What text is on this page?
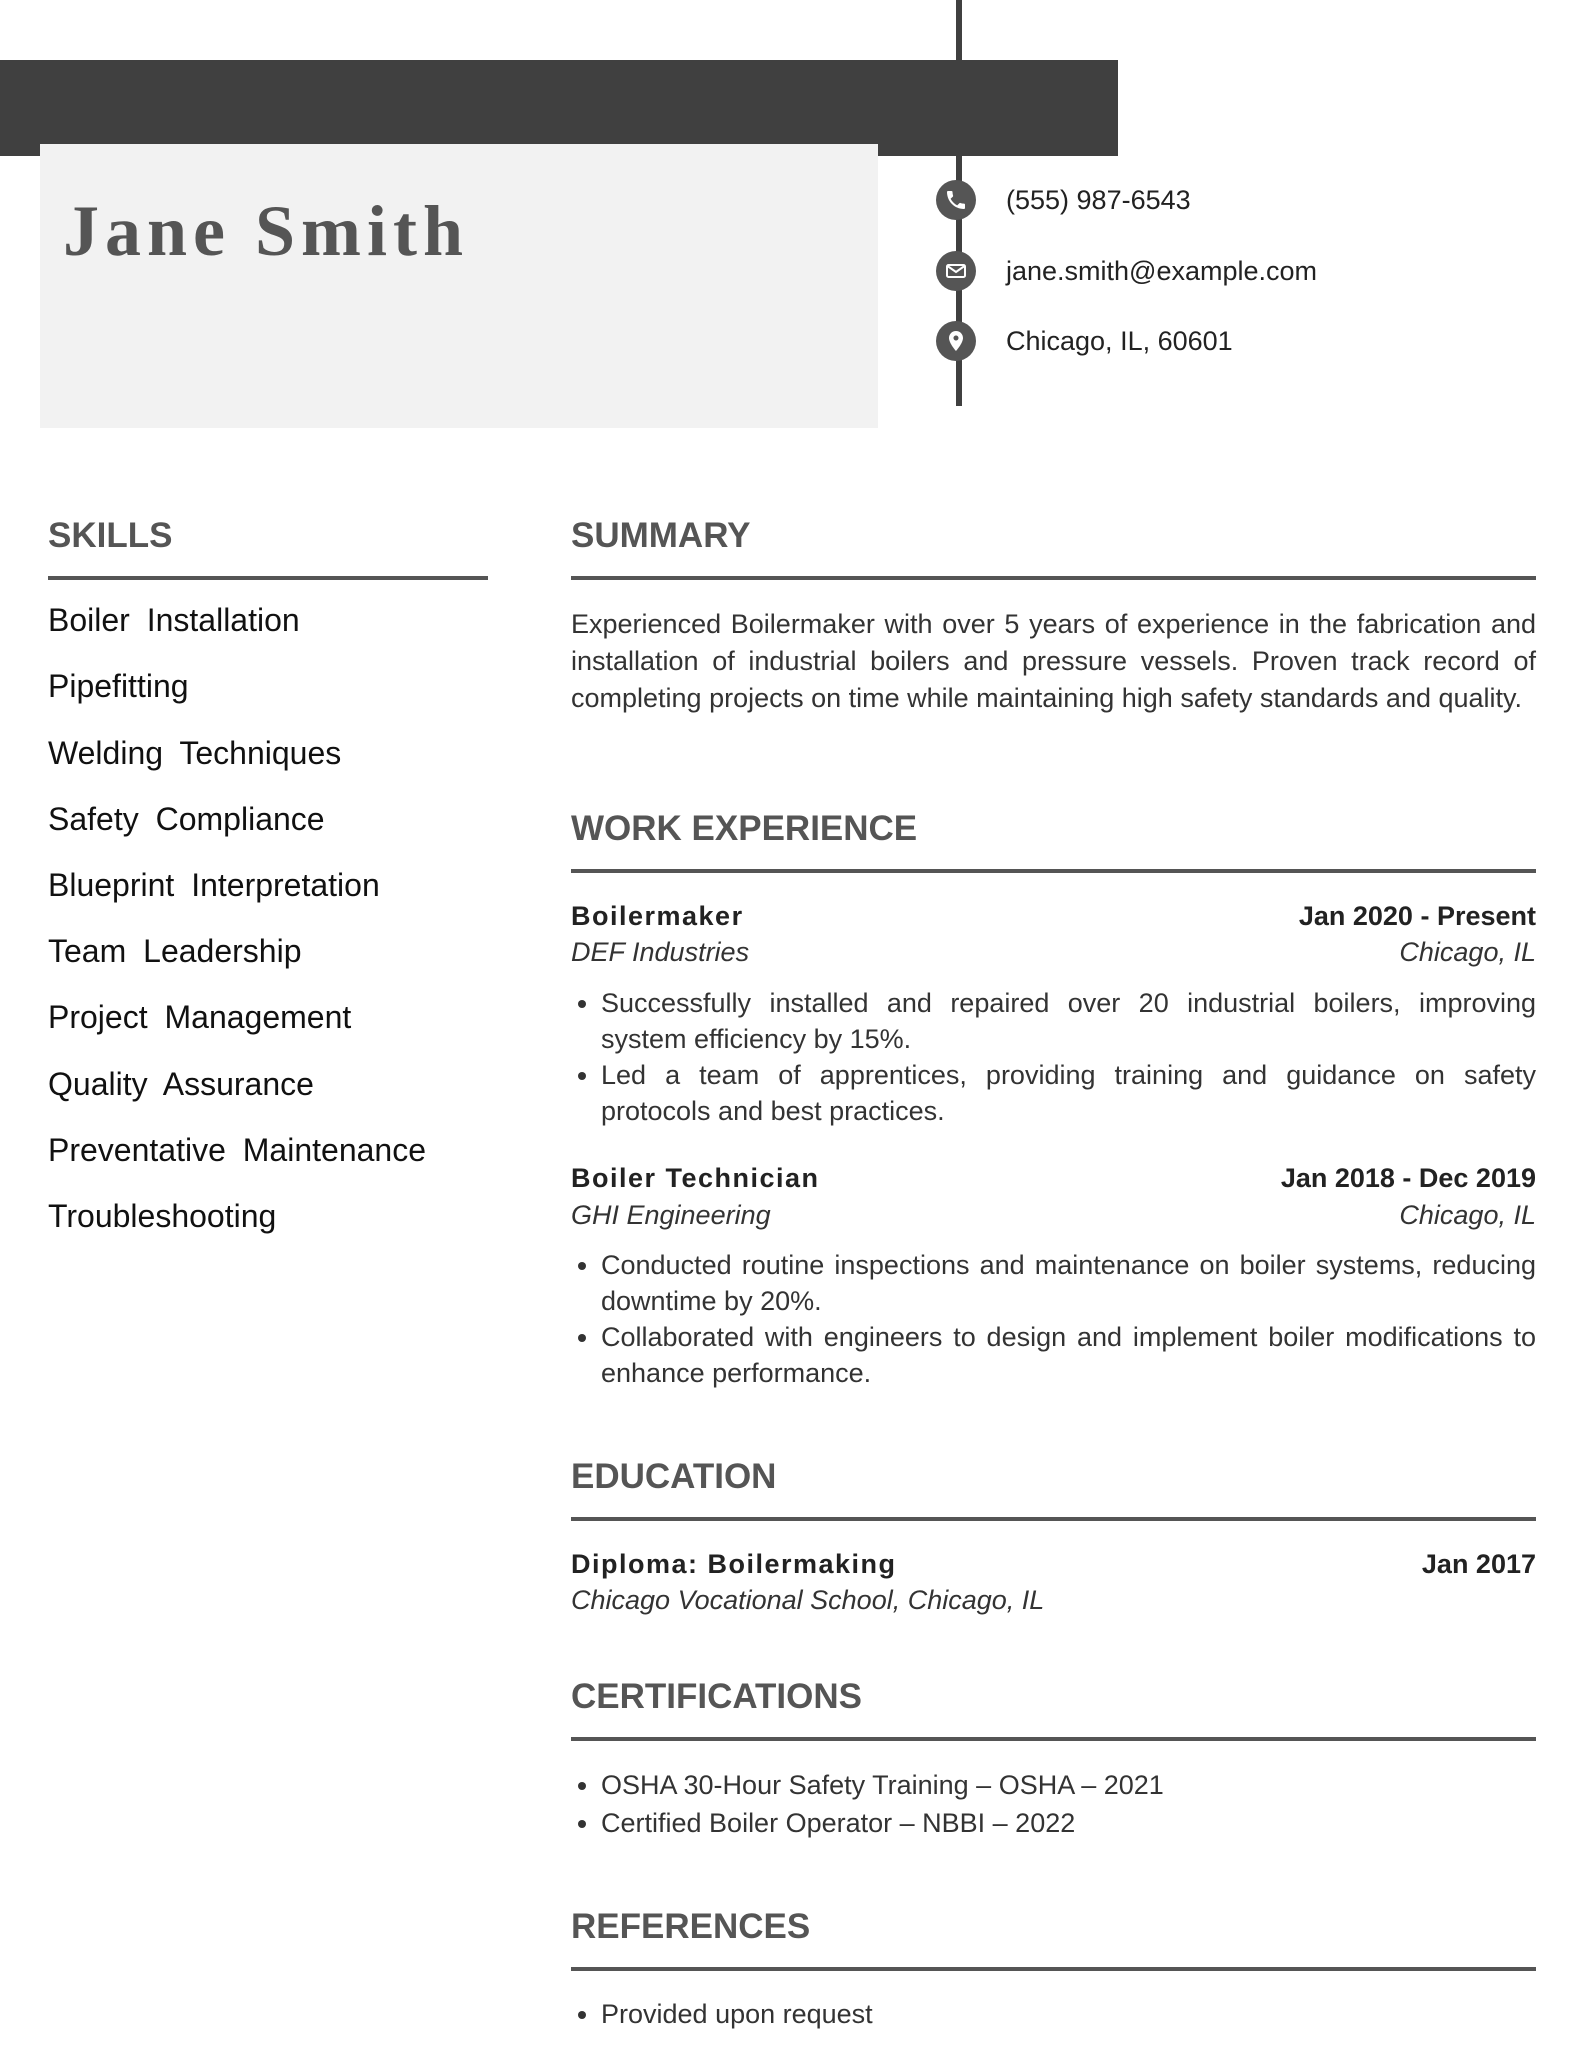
Jane Smith	(555) 987-6543
jane.smith@example.com
Chicago, IL, 60601
SKILLS
Boiler Installation
Pipefitting
Welding Techniques
Safety Compliance
Blueprint Interpretation
Team Leadership
Project Management
Quality Assurance
Preventative Maintenance
Troubleshooting
SUMMARY

Experienced Boilermaker with over 5 years of experience in the fabrication and installation of industrial boilers and pressure vessels. Proven track record of completing projects on time while maintaining high safety standards and quality.

WORK EXPERIENCE
Boilermaker	Jan 2020 - Present
DEF Industries	Chicago, IL
• Successfully installed and repaired over 20 industrial boilers, improving system efficiency by 15%.
• Led a team of apprentices, providing training and guidance on safety protocols and best practices.
Boiler Technician	Jan 2018 - Dec 2019
GHI Engineering	Chicago, IL
• Conducted routine inspections and maintenance on boiler systems, reducing downtime by 20%.
• Collaborated with engineers to design and implement boiler modifications to enhance performance.
EDUCATION
Diploma: Boilermaking	Jan 2017
Chicago Vocational School, Chicago, IL
CERTIFICATIONS
• OSHA 30-Hour Safety Training – OSHA – 2021
• Certified Boiler Operator – NBBI – 2022
REFERENCES
• Provided upon request
